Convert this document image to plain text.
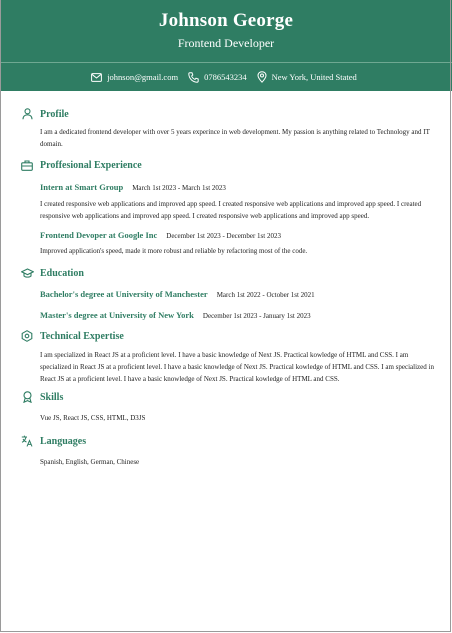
Johnson George
Frontend Developer
johnson@gmail.com	0786543234	New York, United Stated
Profile
I am a dedicated frontend developer with over 5 years experince in web development. My passion is anything related to Technology and IT domain.
Proffesional Experience
Intern at Smart Group March 1st 2023 - March 1st 2023
I created responsive web applications and improved app speed. I created responsive web applications and improved app speed. I created responsive web applications and improved app speed. I created responsive web applications and improved app speed.
Frontend Devoper at Google Inc December 1st 2023 - December 1st 2023
Improved application's speed, made it more robust and reliable by refactoring most of the code.
Education
Bachelor's degree at University of Manchester March 1st 2022 - October 1st 2021
Master's degree at University of New York December 1st 2023 - January 1st 2023
Technical Expertise
I am specialized in React JS at a proficient level. I have a basic knowledge of Next JS. Practical kowledge of HTML and CSS. I am specialized in React JS at a proficient level. I have a basic knowledge of Next JS. Practical kowledge of HTML and CSS. I am specialized in React JS at a proficient level. I have a basic knowledge of Next JS. Practical kowledge of HTML and CSS.
Skills
Vue JS, React JS, CSS, HTML, D3JS
Languages
Spanish, English, German, Chinese
